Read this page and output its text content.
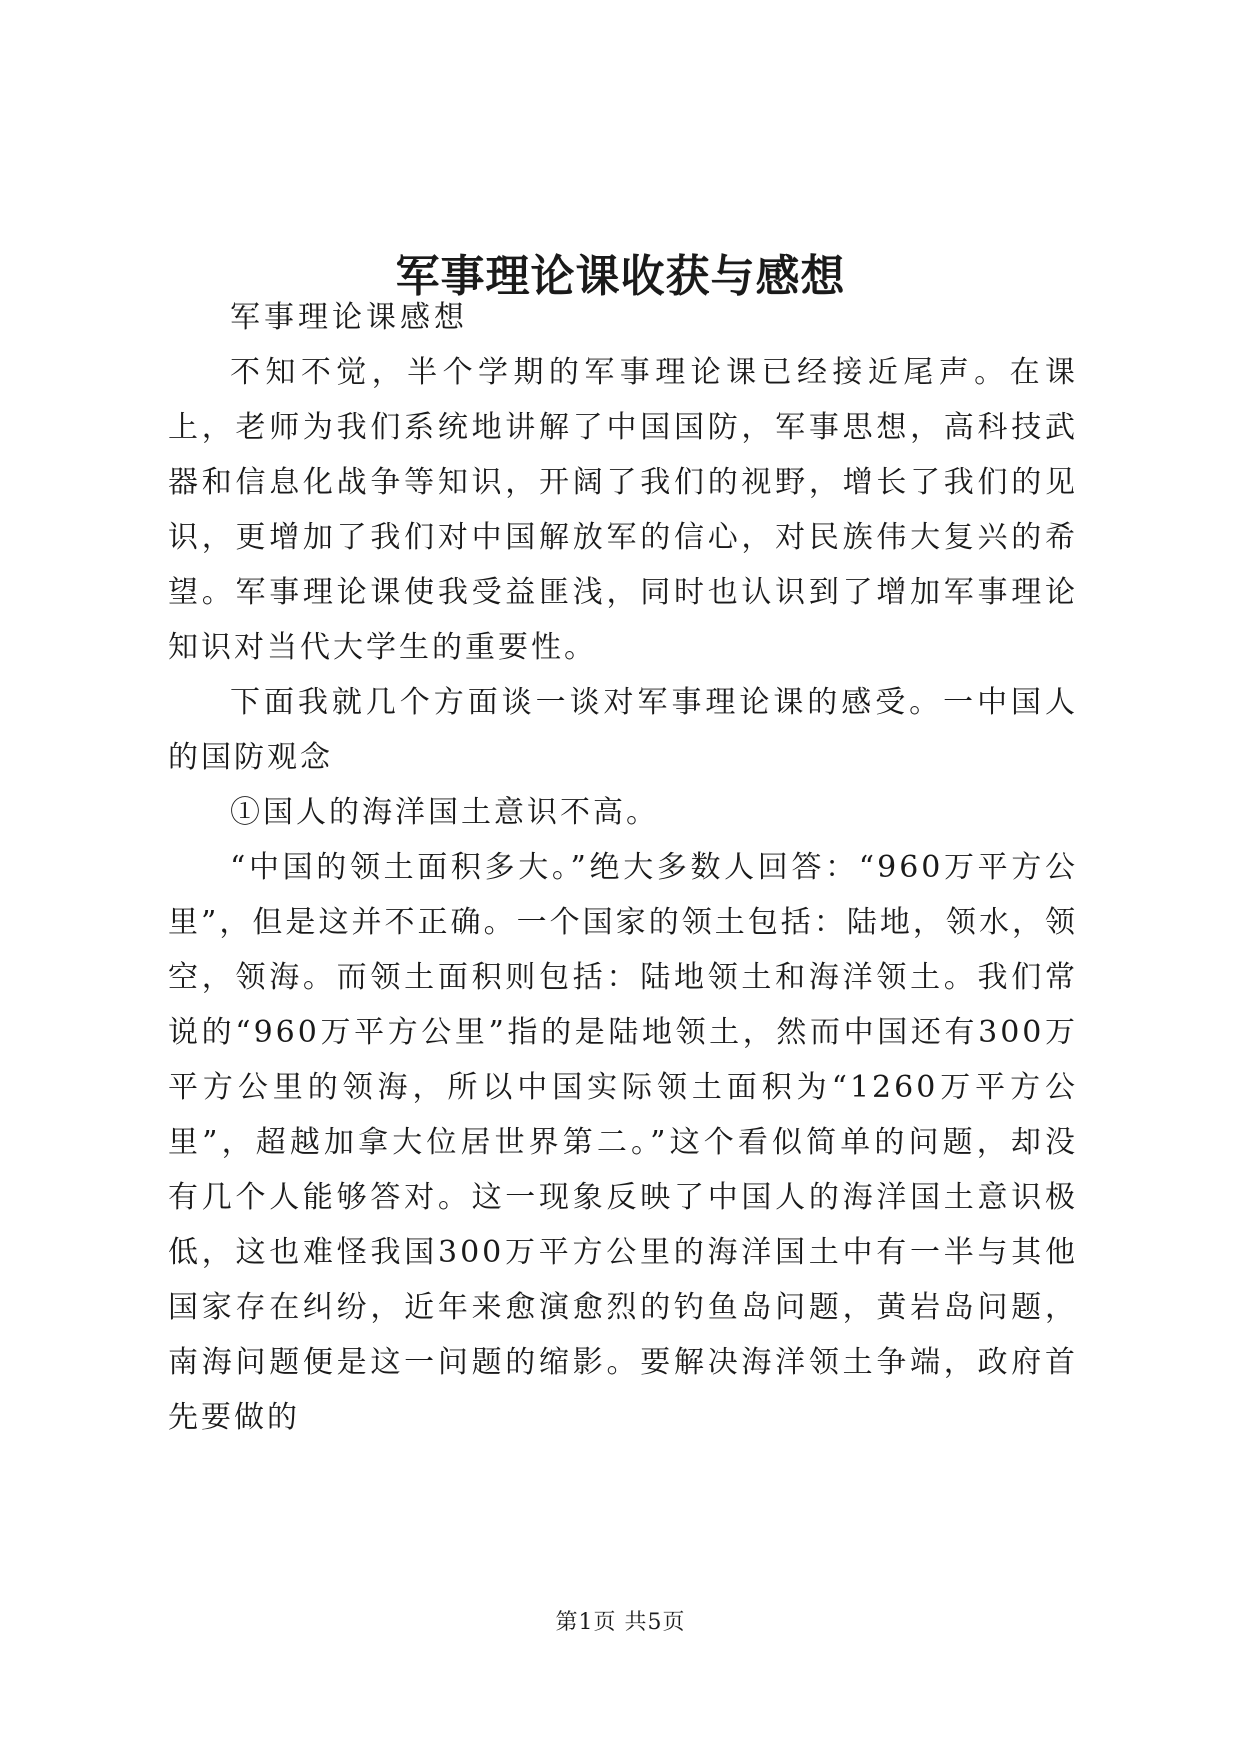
军事理论课收获与感想

军事理论课感想

不知不觉，半个学期的军事理论课已经接近尾声。在课上，老师为我们系统地讲解了中国国防，军事思想，高科技武器和信息化战争等知识，开阔了我们的视野，增长了我们的见识，更增加了我们对中国解放军的信心，对民族伟大复兴的希望。军事理论课使我受益匪浅，同时也认识到了增加军事理论知识对当代大学生的重要性。

下面我就几个方面谈一谈对军事理论课的感受。一中国人的国防观念

①国人的海洋国土意识不高。

“中国的领土面积多大。”绝大多数人回答：“960万平方公里”，但是这并不正确。一个国家的领土包括：陆地，领水，领空，领海。而领土面积则包括：陆地领土和海洋领土。我们常说的“960万平方公里”指的是陆地领土，然而中国还有300万平方公里的领海，所以中国实际领土面积为“1260万平方公里”，超越加拿大位居世界第二。”这个看似简单的问题，却没有几个人能够答对。这一现象反映了中国人的海洋国土意识极低，这也难怪我国300万平方公里的海洋国土中有一半与其他国家存在纠纷，近年来愈演愈烈的钓鱼岛问题，黄岩岛问题，南海问题便是这一问题的缩影。要解决海洋领土争端，政府首先要做的

第1页 共5页
